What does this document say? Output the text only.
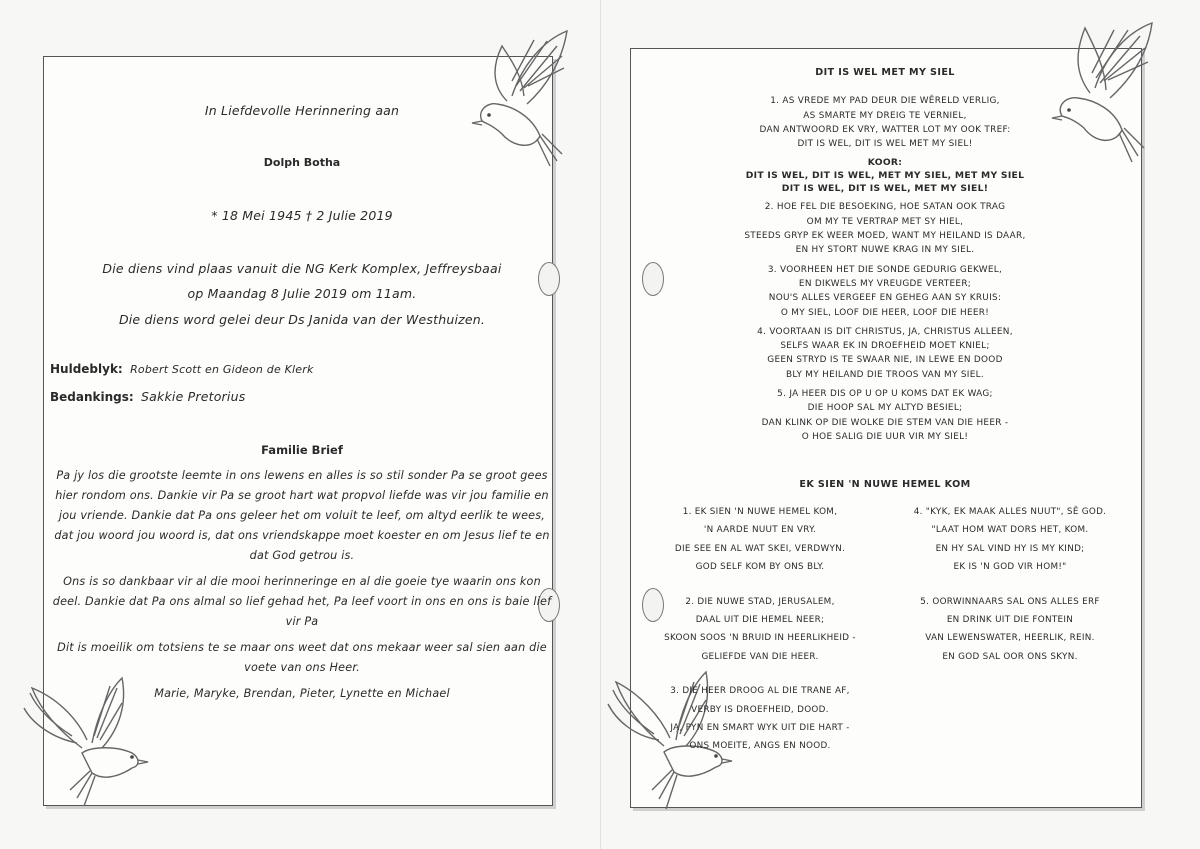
In Liefdevolle Herinnering aan
Dolph Botha
* 18 Mei 1945 † 2 Julie 2019
Die diens vind plaas vanuit die NG Kerk Komplex, Jeffreysbaai
op Maandag 8 Julie 2019 om 11am.
Die diens word gelei deur Ds Janida van der Westhuizen.
Huldeblyk: Robert Scott en Gideon de Klerk
Bedankings: Sakkie Pretorius
Familie Brief

Pa jy los die grootste leemte in ons lewens en alles is so stil sonder Pa se groot gees hier rondom ons. Dankie vir Pa se groot hart wat propvol liefde was vir jou familie en jou vriende. Dankie dat Pa ons geleer het om voluit te leef, om altyd eerlik te wees, dat jou woord jou woord is, dat ons vriendskappe moet koester en om Jesus lief te en dat God getrou is.

Ons is so dankbaar vir al die mooi herinneringe en al die goeie tye waarin ons kon deel. Dankie dat Pa ons almal so lief gehad het, Pa leef voort in ons en ons is baie lief vir Pa

Dit is moeilik om totsiens te se maar ons weet dat ons mekaar weer sal sien aan die voete van ons Heer.

Marie, Maryke, Brendan, Pieter, Lynette en Michael

DIT IS WEL MET MY SIEL

1. AS VREDE MY PAD DEUR DIE WÊRELD VERLIG,
AS SMARTE MY DREIG TE VERNIEL,
DAN ANTWOORD EK VRY, WATTER LOT MY OOK TREF:
DIT IS WEL, DIT IS WEL MET MY SIEL!

KOOR:
DIT IS WEL, DIT IS WEL, MET MY SIEL, MET MY SIEL
DIT IS WEL, DIT IS WEL, MET MY SIEL!

2. HOE FEL DIE BESOEKING, HOE SATAN OOK TRAG
OM MY TE VERTRAP MET SY HIEL,
STEEDS GRYP EK WEER MOED, WANT MY HEILAND IS DAAR,
EN HY STORT NUWE KRAG IN MY SIEL.

3. VOORHEEN HET DIE SONDE GEDURIG GEKWEL,
EN DIKWELS MY VREUGDE VERTEER;
NOU'S ALLES VERGEEF EN GEHEG AAN SY KRUIS:
O MY SIEL, LOOF DIE HEER, LOOF DIE HEER!

4. VOORTAAN IS DIT CHRISTUS, JA, CHRISTUS ALLEEN,
SELFS WAAR EK IN DROEFHEID MOET KNIEL;
GEEN STRYD IS TE SWAAR NIE, IN LEWE EN DOOD
BLY MY HEILAND DIE TROOS VAN MY SIEL.

5. JA HEER DIS OP U OP U KOMS DAT EK WAG;
DIE HOOP SAL MY ALTYD BESIEL;
DAN KLINK OP DIE WOLKE DIE STEM VAN DIE HEER -
O HOE SALIG DIE UUR VIR MY SIEL!

EK SIEN 'N NUWE HEMEL KOM

1. EK SIEN 'N NUWE HEMEL KOM,
'N AARDE NUUT EN VRY.
DIE SEE EN AL WAT SKEI, VERDWYN.
GOD SELF KOM BY ONS BLY.

2. DIE NUWE STAD, JERUSALEM,
DAAL UIT DIE HEMEL NEER;
SKOON SOOS 'N BRUID IN HEERLIKHEID -
GELIEFDE VAN DIE HEER.

3. DIE HEER DROOG AL DIE TRANE AF,
VERBY IS DROEFHEID, DOOD.
JA, PYN EN SMART WYK UIT DIE HART -
ONS MOEITE, ANGS EN NOOD.

4. "KYK, EK MAAK ALLES NUUT", SÊ GOD.
"LAAT HOM WAT DORS HET, KOM.
EN HY SAL VIND HY IS MY KIND;
EK IS 'N GOD VIR HOM!"

5. OORWINNAARS SAL ONS ALLES ERF
EN DRINK UIT DIE FONTEIN
VAN LEWENSWATER, HEERLIK, REIN.
EN GOD SAL OOR ONS SKYN.
